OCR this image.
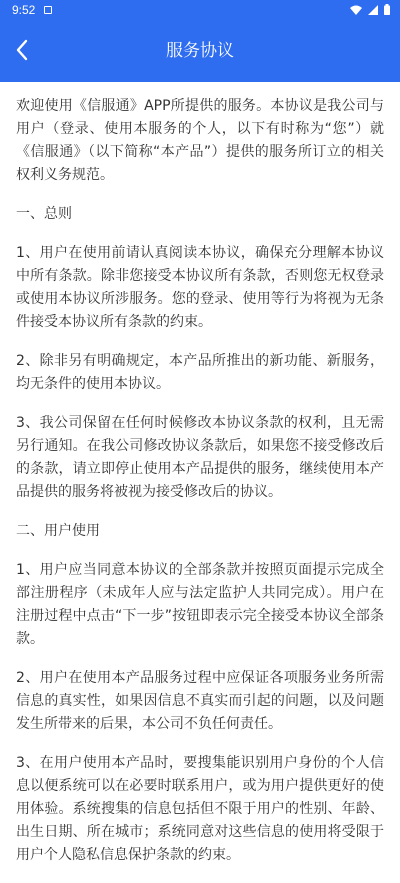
9:52
服务协议

欢迎使用《信服通》APP所提供的服务。本协议是我公司与用户（登录、使用本服务的个人，以下有时称为“您”）就《信服通》（以下简称“本产品”）提供的服务所订立的相关权利义务规范。

一、总则

1、用户在使用前请认真阅读本协议，确保充分理解本协议中所有条款。除非您接受本协议所有条款，否则您无权登录或使用本协议所涉服务。您的登录、使用等行为将视为无条件接受本协议所有条款的约束。

2、除非另有明确规定，本产品所推出的新功能、新服务，均无条件的使用本协议。

3、我公司保留在任何时候修改本协议条款的权利，且无需另行通知。在我公司修改协议条款后，如果您不接受修改后的条款，请立即停止使用本产品提供的服务，继续使用本产品提供的服务将被视为接受修改后的协议。

二、用户使用

1、用户应当同意本协议的全部条款并按照页面提示完成全部注册程序（未成年人应与法定监护人共同完成）。用户在注册过程中点击“下一步”按钮即表示完全接受本协议全部条款。

2、用户在使用本产品服务过程中应保证各项服务业务所需信息的真实性，如果因信息不真实而引起的问题，以及问题发生所带来的后果，本公司不负任何责任。

3、在用户使用本产品时，要搜集能识别用户身份的个人信息以便系统可以在必要时联系用户，或为用户提供更好的使用体验。系统搜集的信息包括但不限于用户的性别、年龄、出生日期、所在城市；系统同意对这些信息的使用将受限于用户个人隐私信息保护条款的约束。
